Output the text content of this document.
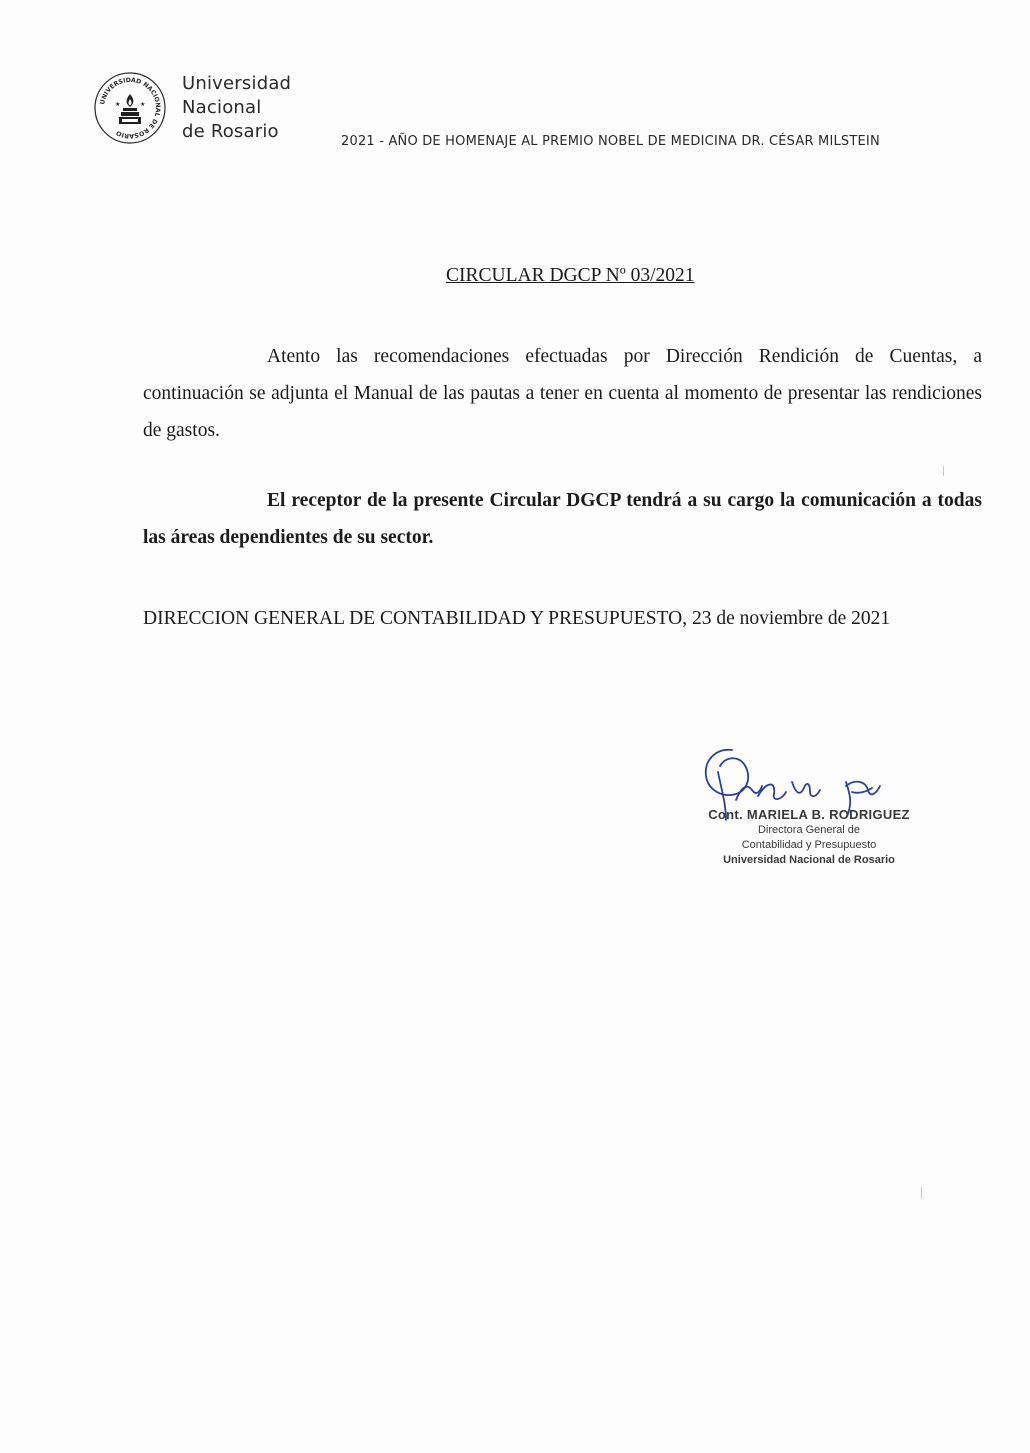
UNIVERSIDAD NACIONAL DE ROSARIO
★	★
Universidad
Nacional
de Rosario	2021 - AÑO DE HOMENAJE AL PREMIO NOBEL DE MEDICINA DR. CÉSAR MILSTEIN
CIRCULAR DGCP Nº 03/2021

Atento las recomendaciones efectuadas por Dirección Rendición de Cuentas, a continuación se adjunta el Manual de las pautas a tener en cuenta al momento de presentar las rendiciones de gastos.

El receptor de la presente Circular DGCP tendrá a su cargo la comunicación a todas las áreas dependientes de su sector.

DIRECCION GENERAL DE CONTABILIDAD Y PRESUPUESTO, 23 de noviembre de 2021
Cont. MARIELA B. RODRIGUEZ
Directora General de
Contabilidad y Presupuesto
Universidad Nacional de Rosario
